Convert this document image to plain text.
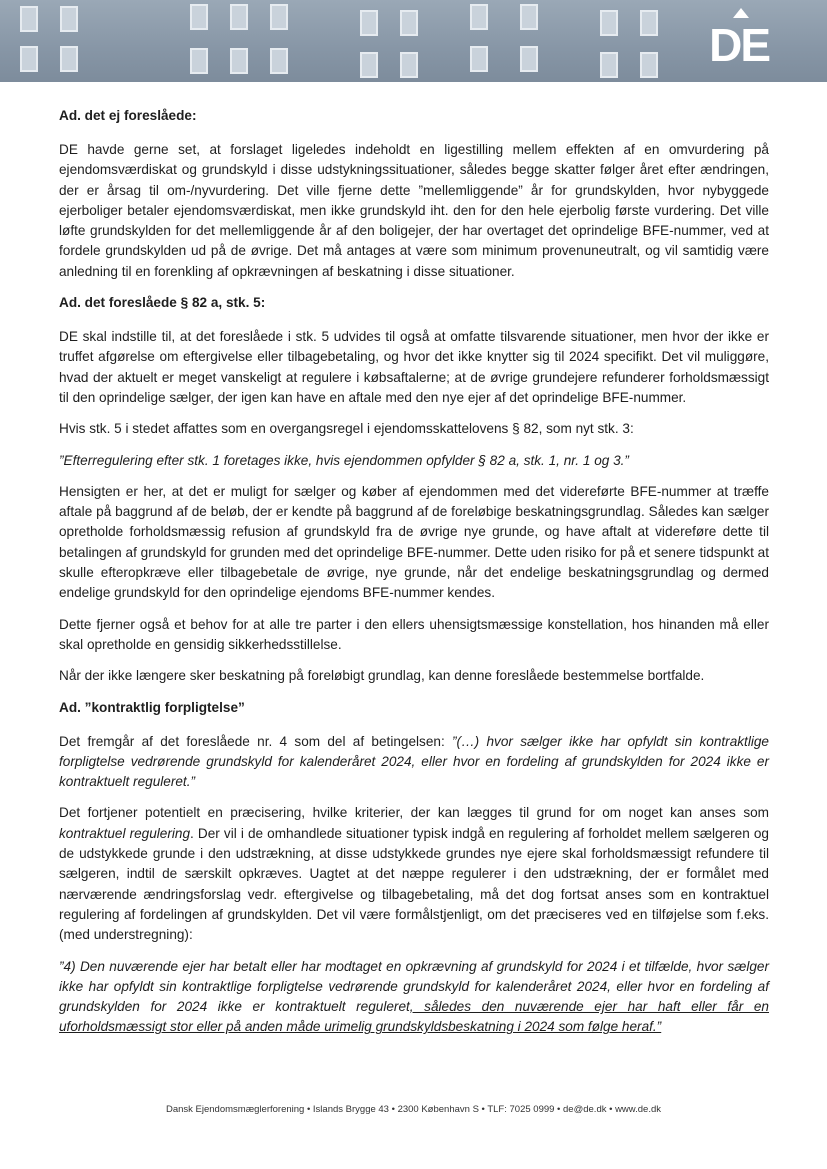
DE
Ad. det ej foreslåede:

DE havde gerne set, at forslaget ligeledes indeholdt en ligestilling mellem effekten af en omvurdering på ejendomsværdiskat og grundskyld i disse udstykningssituationer, således begge skatter følger året efter ændringen, der er årsag til om-/nyvurdering. Det ville fjerne dette ”mellemliggende” år for grundskylden, hvor nybyggede ejerboliger betaler ejendomsværdiskat, men ikke grundskyld iht. den for den hele ejerbolig første vurdering. Det ville løfte grundskylden for det mellemliggende år af den boligejer, der har overtaget det oprindelige BFE-nummer, ved at fordele grundskylden ud på de øvrige. Det må antages at være som minimum provenuneutralt, og vil samtidig være anledning til en forenkling af opkrævningen af beskatning i disse situationer.

Ad. det foreslåede § 82 a, stk. 5:

DE skal indstille til, at det foreslåede i stk. 5 udvides til også at omfatte tilsvarende situationer, men hvor der ikke er truffet afgørelse om eftergivelse eller tilbagebetaling, og hvor det ikke knytter sig til 2024 specifikt. Det vil muliggøre, hvad der aktuelt er meget vanskeligt at regulere i købsaftalerne; at de øvrige grundejere refunderer forholdsmæssigt til den oprindelige sælger, der igen kan have en aftale med den nye ejer af det oprindelige BFE-nummer.

Hvis stk. 5 i stedet affattes som en overgangsregel i ejendomsskattelovens § 82, som nyt stk. 3:

”Efterregulering efter stk. 1 foretages ikke, hvis ejendommen opfylder § 82 a, stk. 1, nr. 1 og 3.”

Hensigten er her, at det er muligt for sælger og køber af ejendommen med det videreførte BFE-nummer at træffe aftale på baggrund af de beløb, der er kendte på baggrund af de foreløbige beskatningsgrundlag. Således kan sælger opretholde forholdsmæssig refusion af grundskyld fra de øvrige nye grunde, og have aftalt at videreføre dette til betalingen af grundskyld for grunden med det oprindelige BFE-nummer. Dette uden risiko for på et senere tidspunkt at skulle efteropkræve eller tilbagebetale de øvrige, nye grunde, når det endelige beskatningsgrundlag og dermed endelige grundskyld for den oprindelige ejendoms BFE-nummer kendes.

Dette fjerner også et behov for at alle tre parter i den ellers uhensigtsmæssige konstellation, hos hinanden må eller skal opretholde en gensidig sikkerhedsstillelse.

Når der ikke længere sker beskatning på foreløbigt grundlag, kan denne foreslåede bestemmelse bortfalde.

Ad. ”kontraktlig forpligtelse”

Det fremgår af det foreslåede nr. 4 som del af betingelsen: ”(…) hvor sælger ikke har opfyldt sin kontraktlige forpligtelse vedrørende grundskyld for kalenderåret 2024, eller hvor en fordeling af grundskylden for 2024 ikke er kontraktuelt reguleret.”

Det fortjener potentielt en præcisering, hvilke kriterier, der kan lægges til grund for om noget kan anses som kontraktuel regulering. Der vil i de omhandlede situationer typisk indgå en regulering af forholdet mellem sælgeren og de udstykkede grunde i den udstrækning, at disse udstykkede grundes nye ejere skal forholdsmæssigt refundere til sælgeren, indtil de særskilt opkræves. Uagtet at det næppe regulerer i den udstrækning, der er formålet med nærværende ændringsforslag vedr. eftergivelse og tilbagebetaling, må det dog fortsat anses som en kontraktuel regulering af fordelingen af grundskylden. Det vil være formålstjenligt, om det præciseres ved en tilføjelse som f.eks. (med understregning):

”4) Den nuværende ejer har betalt eller har modtaget en opkrævning af grundskyld for 2024 i et tilfælde, hvor sælger ikke har opfyldt sin kontraktlige forpligtelse vedrørende grundskyld for kalenderåret 2024, eller hvor en fordeling af grundskylden for 2024 ikke er kontraktuelt reguleret, således den nuværende ejer har haft eller får en uforholdsmæssigt stor eller på anden måde urimelig grundskyldsbeskatning i 2024 som følge heraf.”

Dansk Ejendomsmæglerforening • Islands Brygge 43 • 2300 København S • TLF: 7025 0999 • de@de.dk • www.de.dk
